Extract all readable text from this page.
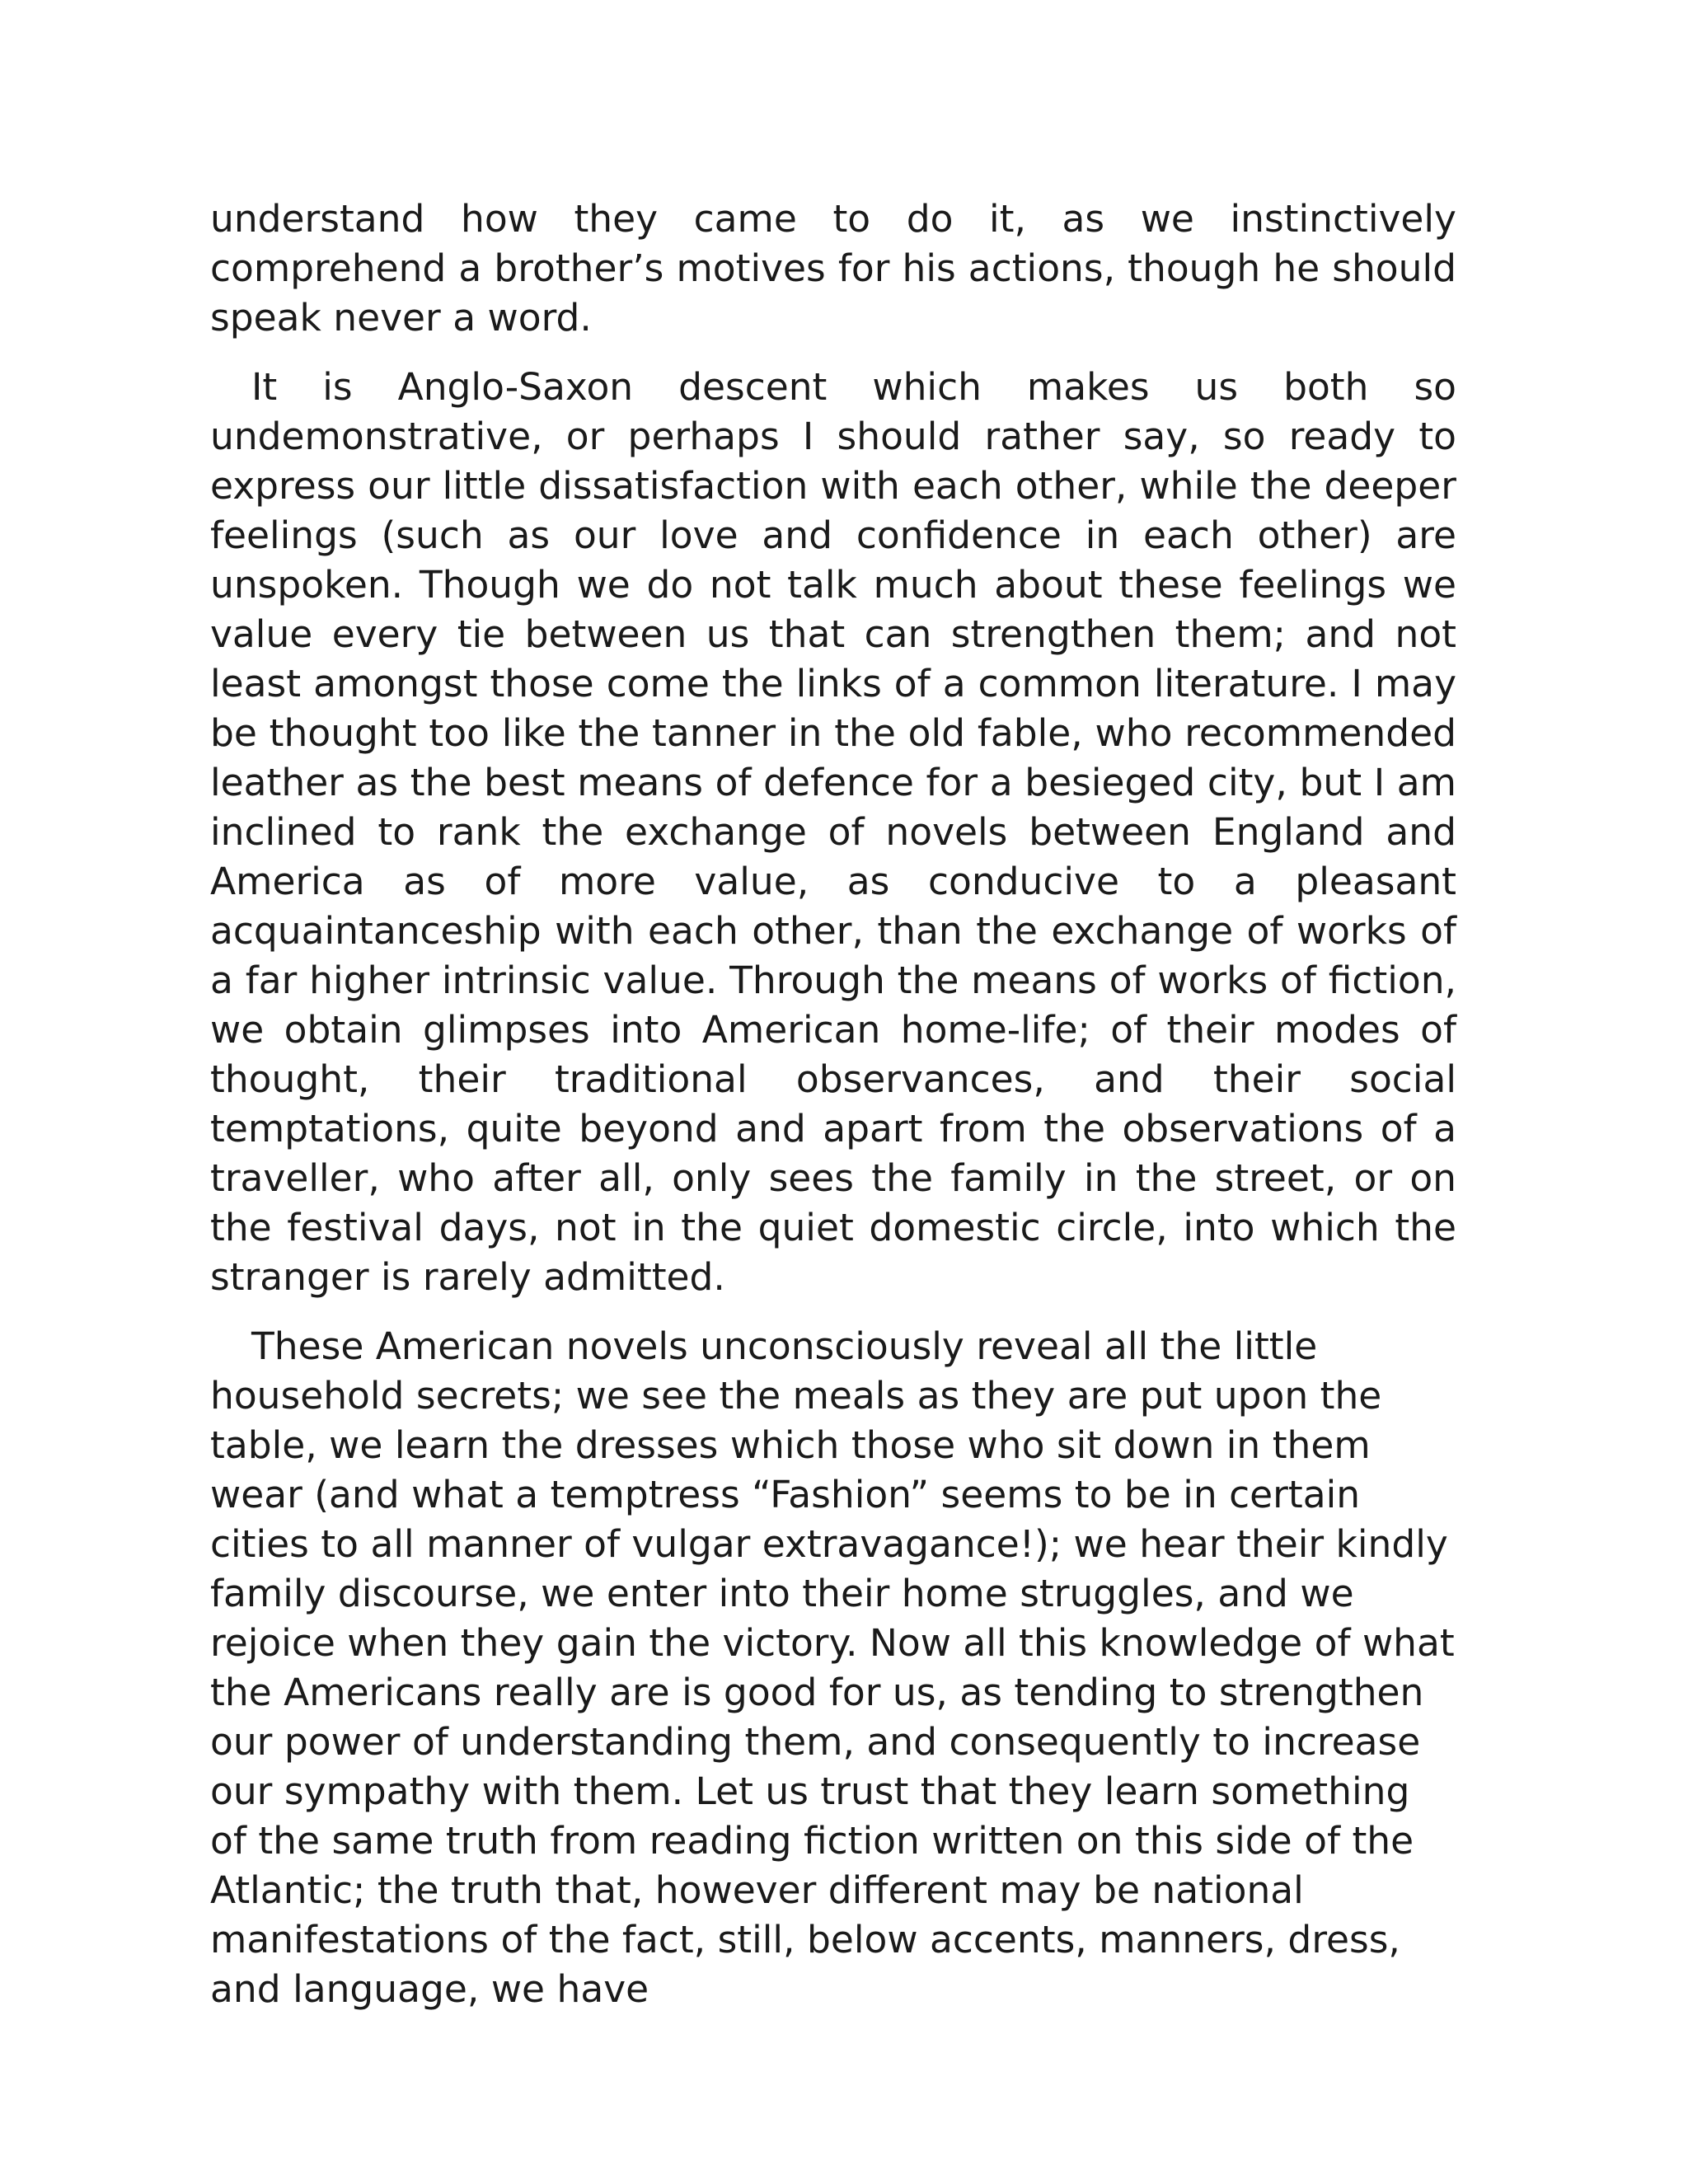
understand how they came to do it, as we instinctively comprehend a brother’s motives for his actions, though he should speak never a word.

It is Anglo-Saxon descent which makes us both so undemonstrative, or perhaps I should rather say, so ready to express our little dissatisfaction with each other, while the deeper feelings (such as our love and confidence in each other) are unspoken. Though we do not talk much about these feelings we value every tie between us that can strengthen them; and not least amongst those come the links of a common literature. I may be thought too like the tanner in the old fable, who recommended leather as the best means of defence for a besieged city, but I am inclined to rank the exchange of novels between England and America as of more value, as conducive to a pleasant acquaintanceship with each other, than the exchange of works of a far higher intrinsic value. Through the means of works of fiction, we obtain glimpses into American home-life; of their modes of thought, their traditional observances, and their social temptations, quite beyond and apart from the observations of a traveller, who after all, only sees the family in the street, or on the festival days, not in the quiet domestic circle, into which the stranger is rarely admitted.

These American novels unconsciously reveal all the little household secrets; we see the meals as they are put upon the table, we learn the dresses which those who sit down in them wear (and what a temptress “Fashion” seems to be in certain cities to all manner of vulgar extravagance!); we hear their kindly family discourse, we enter into their home struggles, and we rejoice when they gain the victory. Now all this knowledge of what the Americans really are is good for us, as tending to strengthen our power of understanding them, and consequently to increase our sympathy with them. Let us trust that they learn something of the same truth from reading fiction written on this side of the Atlantic; the truth that, however different may be national manifestations of the fact, still, below accents, manners, dress, and language, we have
